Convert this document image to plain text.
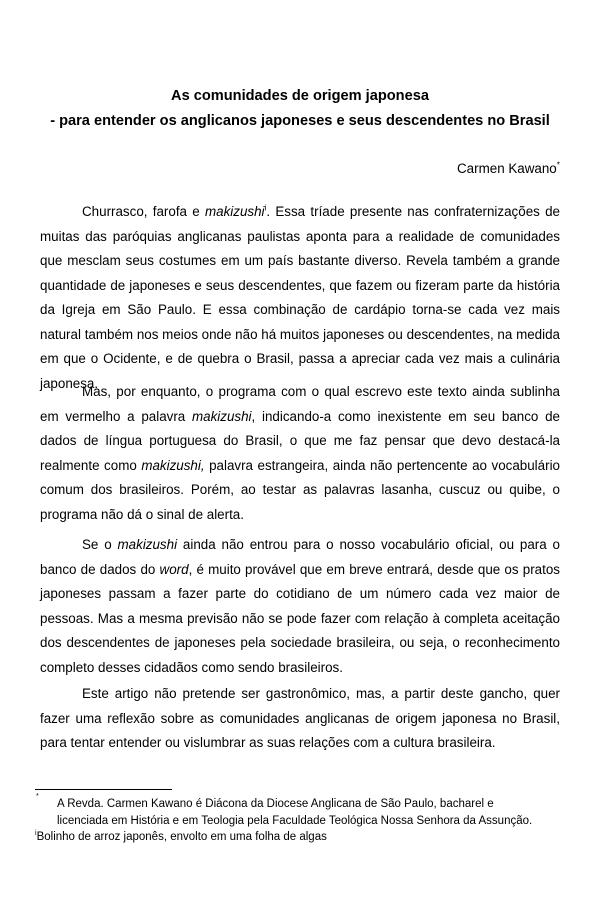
As comunidades de origem japonesa
- para entender os anglicanos japoneses e seus descendentes no Brasil
Carmen Kawano*

Churrasco, farofa e makizushi$^i$. Essa tríade presente nas confraternizações de muitas das paróquias anglicanas paulistas aponta para a realidade de comunidades que mesclam seus costumes em um país bastante diverso. Revela também a grande quantidade de japoneses e seus descendentes, que fazem ou fizeram parte da história da Igreja em São Paulo. E essa combinação de cardápio torna-se cada vez mais natural também nos meios onde não há muitos japoneses ou descendentes, na medida em que o Ocidente, e de quebra o Brasil, passa a apreciar cada vez mais a culinária japonesa.

Mas, por enquanto, o programa com o qual escrevo este texto ainda sublinha em vermelho a palavra makizushi, indicando-a como inexistente em seu banco de dados de língua portuguesa do Brasil, o que me faz pensar que devo destacá-la realmente como makizushi, palavra estrangeira, ainda não pertencente ao vocabulário comum dos brasileiros. Porém, ao testar as palavras lasanha, cuscuz ou quibe, o programa não dá o sinal de alerta.

Se o makizushi ainda não entrou para o nosso vocabulário oficial, ou para o banco de dados do word, é muito provável que em breve entrará, desde que os pratos japoneses passam a fazer parte do cotidiano de um número cada vez maior de pessoas. Mas a mesma previsão não se pode fazer com relação à completa aceitação dos descendentes de japoneses pela sociedade brasileira, ou seja, o reconhecimento completo desses cidadãos como sendo brasileiros.

Este artigo não pretende ser gastronômico, mas, a partir deste gancho, quer fazer uma reflexão sobre as comunidades anglicanas de origem japonesa no Brasil, para tentar entender ou vislumbrar as suas relações com a cultura brasileira.

*
A Revda. Carmen Kawano é Diácona da Diocese Anglicana de São Paulo, bacharel e
licenciada em História e em Teologia pela Faculdade Teológica Nossa Senhora da Assunção.

$^i$Bolinho de arroz japonês, envolto em uma folha de algas
